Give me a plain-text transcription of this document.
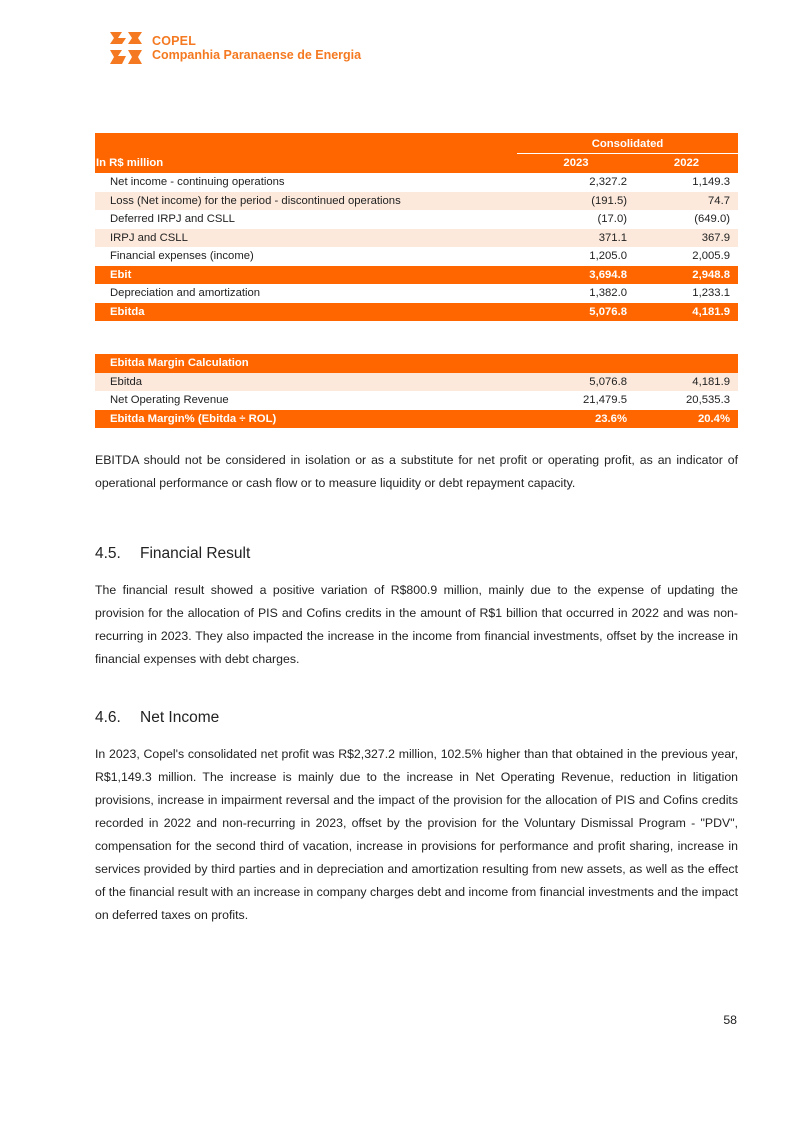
COPEL
Companhia Paranaense de Energia
	Consolidated	
In R$ million	2023	2022
Net income - continuing operations	2,327.2	1,149.3
Loss (Net income) for the period - discontinued operations	(191.5)	74.7
Deferred IRPJ and CSLL	(17.0)	(649.0)
IRPJ and CSLL	371.1	367.9
Financial expenses (income)	1,205.0	2,005.9
Ebit	3,694.8	2,948.8
Depreciation and amortization	1,382.0	1,233.1
Ebitda	5,076.8	4,181.9
Ebitda Margin Calculation		
Ebitda	5,076.8	4,181.9
Net Operating Revenue	21,479.5	20,535.3
Ebitda Margin% (Ebitda ÷ ROL)	23.6%	20.4%

EBITDA should not be considered in isolation or as a substitute for net profit or operating profit, as an indicator of operational performance or cash flow or to measure liquidity or debt repayment capacity.

4.5. Financial Result

The financial result showed a positive variation of R$800.9 million, mainly due to the expense of updating the provision for the allocation of PIS and Cofins credits in the amount of R$1 billion that occurred in 2022 and was non-recurring in 2023. They also impacted the increase in the income from financial investments, offset by the increase in financial expenses with debt charges.

4.6. Net Income

In 2023, Copel's consolidated net profit was R$2,327.2 million, 102.5% higher than that obtained in the previous year, R$1,149.3 million. The increase is mainly due to the increase in Net Operating Revenue, reduction in litigation provisions, increase in impairment reversal and the impact of the provision for the allocation of PIS and Cofins credits recorded in 2022 and non-recurring in 2023, offset by the provision for the Voluntary Dismissal Program - "PDV", compensation for the second third of vacation, increase in provisions for performance and profit sharing, increase in services provided by third parties and in depreciation and amortization resulting from new assets, as well as the effect of the financial result with an increase in company charges debt and income from financial investments and the impact on deferred taxes on profits.

58
